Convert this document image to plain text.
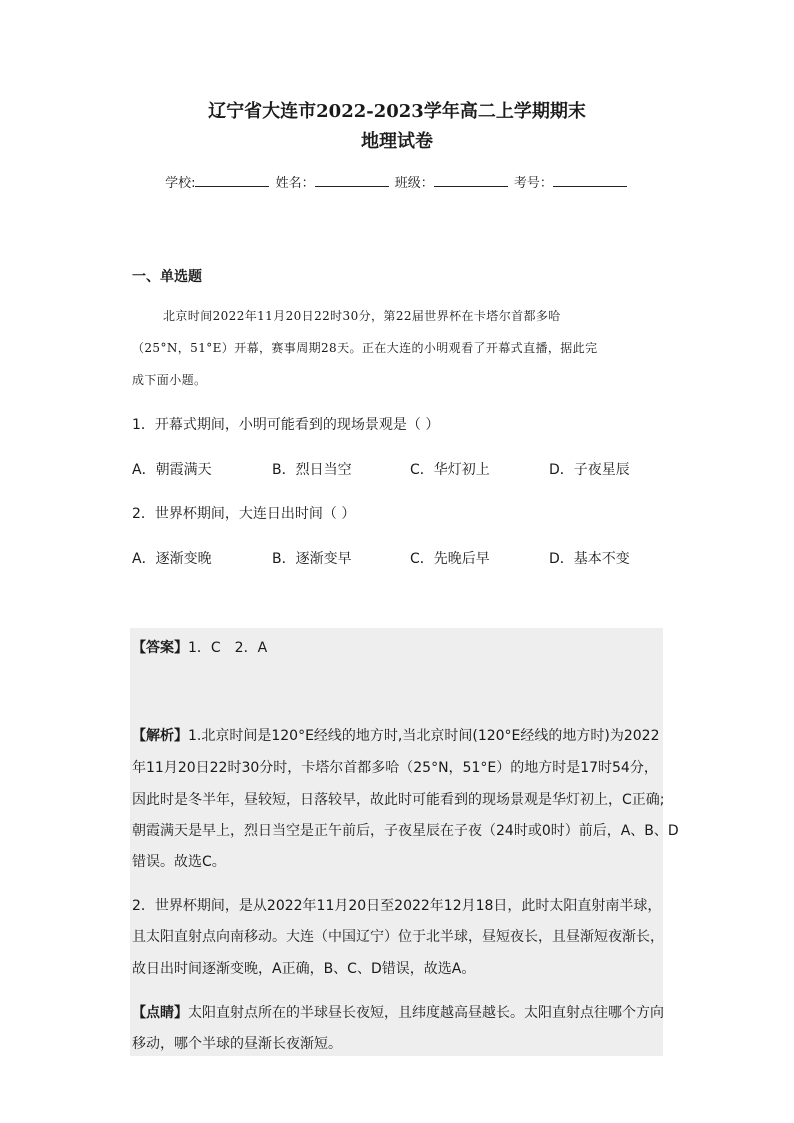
辽宁省大连市2022-2023学年高二上学期期末
地理试卷
学校:	姓名：	班级：	考号：
一、单选题
北京时间2022年11月20日22时30分，第22届世界杯在卡塔尔首都多哈
（25°N，51°E）开幕，赛事周期28天。正在大连的小明观看了开幕式直播，据此完
成下面小题。
1．开幕式期间，小明可能看到的现场景观是（ ）
A．朝霞满天	B．烈日当空	C．华灯初上	D．子夜星辰
2．世界杯期间，大连日出时间（ ）
A．逐渐变晚	B．逐渐变早	C．先晚后早	D．基本不变
【答案】1．C　2．A
【解析】1.北京时间是120°E经线的地方时,当北京时间(120°E经线的地方时)为2022
年11月20日22时30分时，卡塔尔首都多哈（25°N，51°E）的地方时是17时54分，
因此时是冬半年，昼较短，日落较早，故此时可能看到的现场景观是华灯初上，C正确;
朝霞满天是早上，烈日当空是正午前后，子夜星辰在子夜（24时或0时）前后，A、B、D
错误。故选C。
2．世界杯期间，是从2022年11月20日至2022年12月18日，此时太阳直射南半球，
且太阳直射点向南移动。大连（中国辽宁）位于北半球，昼短夜长，且昼渐短夜渐长，
故日出时间逐渐变晚，A正确，B、C、D错误，故选A。
【点睛】太阳直射点所在的半球昼长夜短，且纬度越高昼越长。太阳直射点往哪个方向
移动，哪个半球的昼渐长夜渐短。
